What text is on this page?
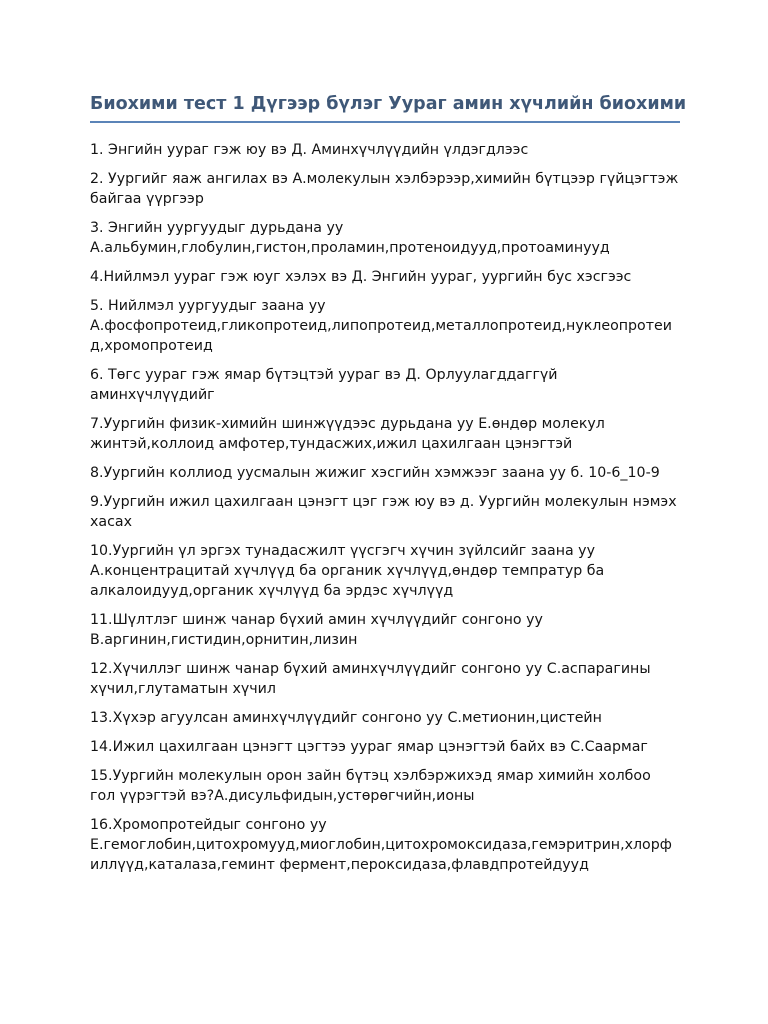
Биохими тест 1 Дүгээр бүлэг Уураг амин хүчлийн биохими
1. Энгийн уураг гэж юу вэ Д. Аминхүчлүүдийн үлдэгдлээс
2. Уургийг яаж ангилах вэ А.молекулын хэлбэрээр,химийн бүтцээр гүйцэгтэж байгаа үүргээр
3. Энгийн уургуудыг дурьдана уу А.альбумин,глобулин,гистон,проламин,протеноидууд,протоаминууд
4.Нийлмэл уураг гэж юуг хэлэх вэ Д. Энгийн уураг, уургийн бус хэсгээс
5. Нийлмэл уургуудыг заана уу А.фосфопротеид,гликопротеид,липопротеид,металлопротеид,нуклеопротеид,хромопротеид
6. Төгс уураг гэж ямар бүтэцтэй уураг вэ Д. Орлуулагддаггүй аминхүчлүүдийг
7.Уургийн физик-химийн шинжүүдээс дурьдана уу Е.өндөр молекул жинтэй,коллоид амфотер,тундасжих,ижил цахилгаан цэнэгтэй
8.Уургийн коллиод уусмалын жижиг хэсгийн хэмжээг заана уу б. 10-6_10-9
9.Уургийн ижил цахилгаан цэнэгт цэг гэж юу вэ д. Уургийн молекулын нэмэх хасах
10.Уургийн үл эргэх тунадасжилт үүсгэгч хүчин зүйлсийг заана уу А.концентрацитай хүчлүүд ба органик хүчлүүд,өндөр темпратур ба алкалоидууд,органик хүчлүүд ба эрдэс хүчлүүд
11.Шүлтлэг шинж чанар бүхий амин хүчлүүдийг сонгоно уу В.аргинин,гистидин,орнитин,лизин
12.Хүчиллэг шинж чанар бүхий аминхүчлүүдийг сонгоно уу С.аспарагины хүчил,глутаматын хүчил
13.Хүхэр агуулсан аминхүчлүүдийг сонгоно уу С.метионин,цистейн
14.Ижил цахилгаан цэнэгт цэгтээ уураг ямар цэнэгтэй байх вэ С.Саармаг
15.Уургийн молекулын орон зайн бүтэц хэлбэржихэд ямар химийн холбоо гол үүрэгтэй вэ?А.дисульфидын,устөрөгчийн,ионы
16.Хромопротейдыг сонгоно уу Е.гемоглобин,цитохромууд,миоглобин,цитохромоксидаза,гемэритрин,хлорфиллүүд,каталаза,геминт фермент,пероксидаза,флавдпротейдууд
